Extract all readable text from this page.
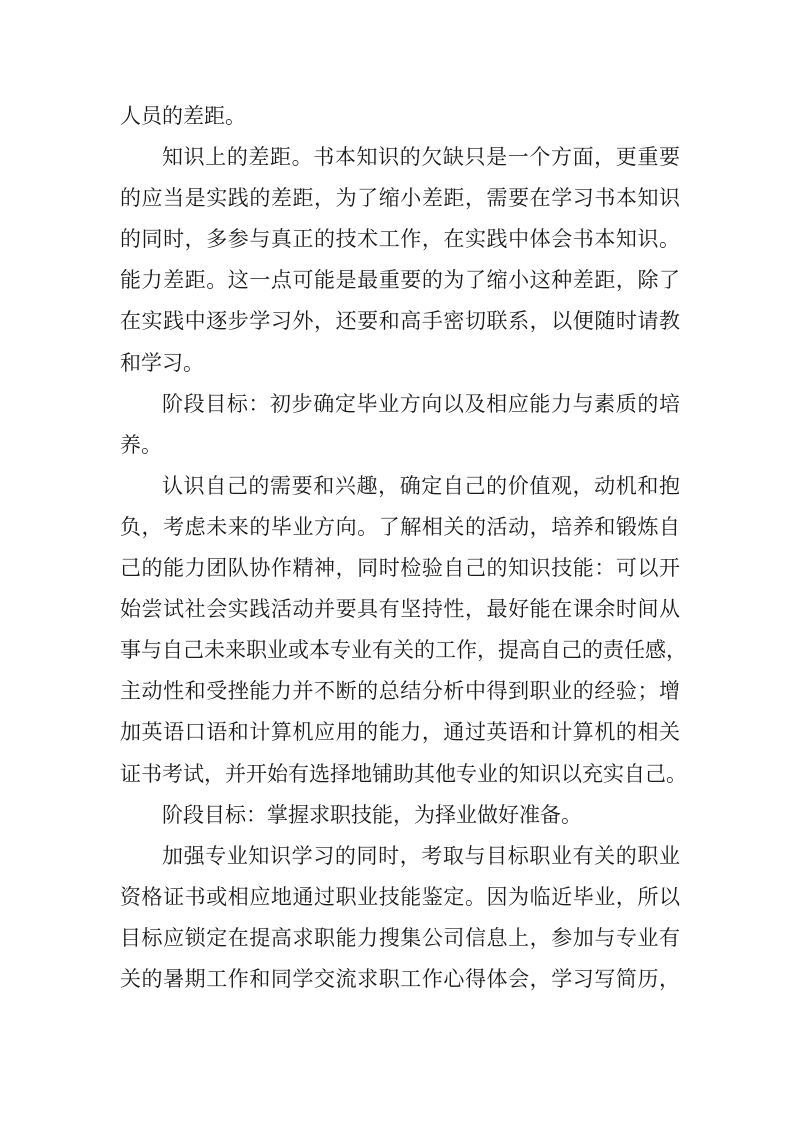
人员的差距。
知识上的差距。书本知识的欠缺只是一个方面，更重要
的应当是实践的差距，为了缩小差距，需要在学习书本知识
的同时，多参与真正的技术工作，在实践中体会书本知识。
能力差距。这一点可能是最重要的为了缩小这种差距，除了
在实践中逐步学习外，还要和高手密切联系，以便随时请教
和学习。
阶段目标：初步确定毕业方向以及相应能力与素质的培
养。
认识自己的需要和兴趣，确定自己的价值观，动机和抱
负，考虑未来的毕业方向。了解相关的活动，培养和锻炼自
己的能力团队协作精神，同时检验自己的知识技能：可以开
始尝试社会实践活动并要具有坚持性，最好能在课余时间从
事与自己未来职业或本专业有关的工作，提高自己的责任感，
主动性和受挫能力并不断的总结分析中得到职业的经验；增
加英语口语和计算机应用的能力，通过英语和计算机的相关
证书考试，并开始有选择地铺助其他专业的知识以充实自己。
阶段目标：掌握求职技能，为择业做好准备。
加强专业知识学习的同时，考取与目标职业有关的职业
资格证书或相应地通过职业技能鉴定。因为临近毕业，所以
目标应锁定在提高求职能力搜集公司信息上，参加与专业有
关的暑期工作和同学交流求职工作心得体会，学习写简历，
